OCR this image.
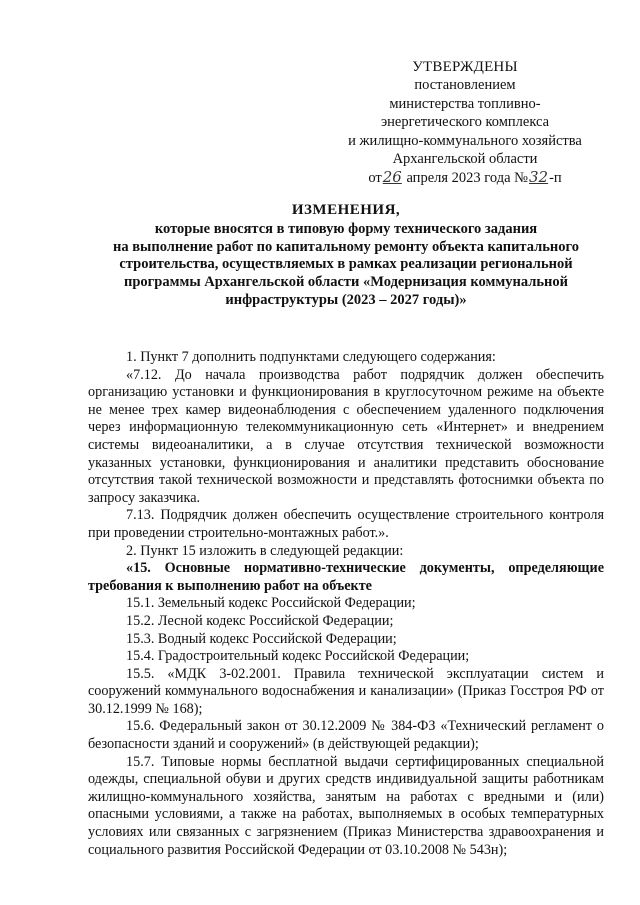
УТВЕРЖДЕНЫ
постановлением
министерства топливно-
энергетического комплекса
и жилищно-коммунального хозяйства
Архангельской области
от26 апреля 2023 года №32-п
ИЗМЕНЕНИЯ,
которые вносятся в типовую форму технического задания
на выполнение работ по капитальному ремонту объекта капитального
строительства, осуществляемых в рамках реализации региональной
программы Архангельской области «Модернизация коммунальной
инфраструктуры (2023 – 2027 годы)»

1. Пункт 7 дополнить подпунктами следующего содержания:

«7.12. До начала производства работ подрядчик должен обеспечить организацию установки и функционирования в круглосуточном режиме на объекте не менее трех камер видеонаблюдения с обеспечением удаленного подключения через информационную телекоммуникационную сеть «Интернет» и внедрением системы видеоаналитики, а в случае отсутствия технической возможности указанных установки, функционирования и аналитики представить обоснование отсутствия такой технической возможности и представлять фотоснимки объекта по запросу заказчика.

7.13. Подрядчик должен обеспечить осуществление строительного контроля при проведении строительно-монтажных работ.».

2. Пункт 15 изложить в следующей редакции:

«15. Основные нормативно-технические документы, определяющие требования к выполнению работ на объекте

15.1. Земельный кодекс Российской Федерации;

15.2. Лесной кодекс Российской Федерации;

15.3. Водный кодекс Российской Федерации;

15.4. Градостроительный кодекс Российской Федерации;

15.5. «МДК 3-02.2001. Правила технической эксплуатации систем и сооружений коммунального водоснабжения и канализации» (Приказ Госстроя РФ от 30.12.1999 № 168);

15.6. Федеральный закон от 30.12.2009 № 384-ФЗ «Технический регламент о безопасности зданий и сооружений» (в действующей редакции);

15.7. Типовые нормы бесплатной выдачи сертифицированных специальной одежды, специальной обуви и других средств индивидуальной защиты работникам жилищно-коммунального хозяйства, занятым на работах с вредными и (или) опасными условиями, а также на работах, выполняемых в особых температурных условиях или связанных с загрязнением (Приказ Министерства здравоохранения и социального развития Российской Федерации от 03.10.2008 № 543н);
